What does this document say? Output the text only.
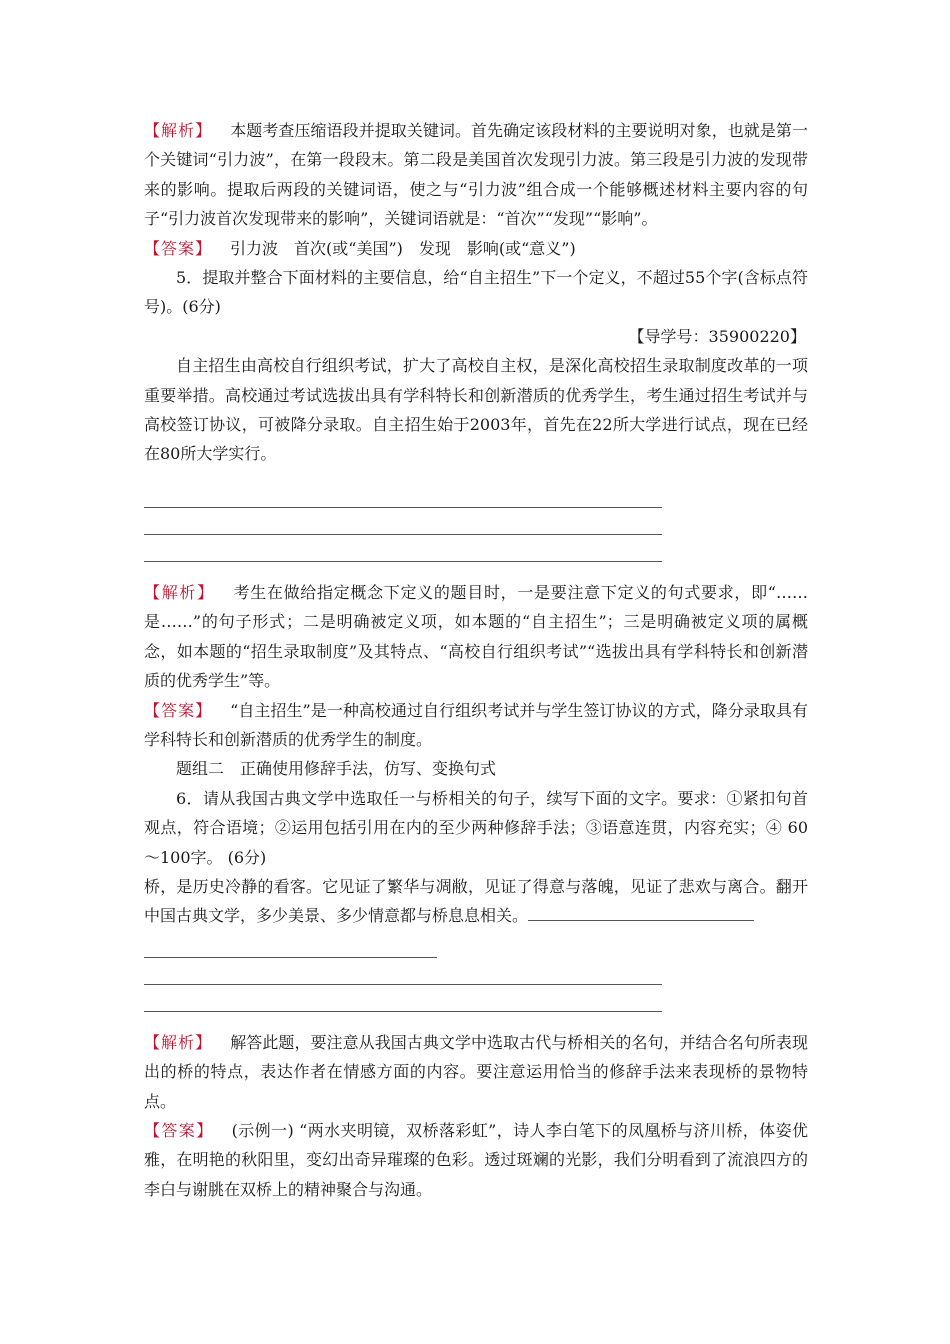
【解析】 本题考查压缩语段并提取关键词。首先确定该段材料的主要说明对象，也就是第一个关键词“引力波”，在第一段段末。第二段是美国首次发现引力波。第三段是引力波的发现带来的影响。提取后两段的关键词语，使之与“引力波”组合成一个能够概述材料主要内容的句子“引力波首次发现带来的影响”，关键词语就是：“首次”“发现”“影响”。

【答案】 引力波　首次(或“美国”)　发现　影响(或“意义”)

5．提取并整合下面材料的主要信息，给“自主招生”下一个定义，不超过55个字(含标点符号)。(6分)

【导学号：35900220】

自主招生由高校自行组织考试，扩大了高校自主权，是深化高校招生录取制度改革的一项重要举措。高校通过考试选拔出具有学科特长和创新潜质的优秀学生，考生通过招生考试并与高校签订协议，可被降分录取。自主招生始于2003年，首先在22所大学进行试点，现在已经在80所大学实行。

【解析】 考生在做给指定概念下定义的题目时，一是要注意下定义的句式要求，即“……是……”的句子形式；二是明确被定义项，如本题的“自主招生”；三是明确被定义项的属概念，如本题的“招生录取制度”及其特点、“高校自行组织考试”“选拔出具有学科特长和创新潜质的优秀学生”等。

【答案】 “自主招生”是一种高校通过自行组织考试并与学生签订协议的方式，降分录取具有学科特长和创新潜质的优秀学生的制度。

题组二　正确使用修辞手法，仿写、变换句式

6．请从我国古典文学中选取任一与桥相关的句子，续写下面的文字。要求：①紧扣句首观点，符合语境；②运用包括引用在内的至少两种修辞手法；③语意连贯，内容充实；④ 60～100字。 (6分)

桥，是历史冷静的看客。它见证了繁华与凋敝，见证了得意与落魄，见证了悲欢与离合。翻开中国古典文学，多少美景、多少情意都与桥息息相关。

【解析】 解答此题，要注意从我国古典文学中选取古代与桥相关的名句，并结合名句所表现出的桥的特点，表达作者在情感方面的内容。要注意运用恰当的修辞手法来表现桥的景物特点。

【答案】 (示例一) “两水夹明镜，双桥落彩虹”，诗人李白笔下的凤凰桥与济川桥，体姿优雅，在明艳的秋阳里，变幻出奇异璀璨的色彩。透过斑斓的光影，我们分明看到了流浪四方的李白与谢朓在双桥上的精神聚合与沟通。
